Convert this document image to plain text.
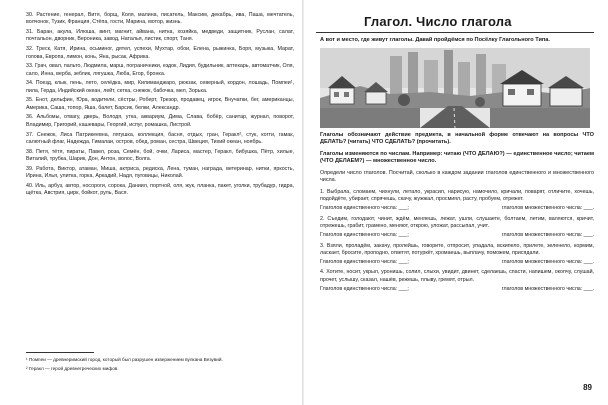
30. Растение, генерал, Витя, борщ, Коля, малина, писатель, Максим, декабрь, ива, Паша, мечтатель, волчонок, Тузик, Франция, Стёпа, гости, Марина, мотор, жизнь.

31. Баран, акула, Илюша, винт, магнит, айвана, нитка, хозяйка, медведи, защитник, Руслан, салат, почтальон, дворник, Вероника, завод, Наталья, листик, спорт, Таня.

32. Треск, Катя, Ирина, осьминог, дятел, успехи, Мухтар, обои, Елена, рыжинка, Боря, музыка, Марат, голова, Европа, лимон, конь, Яна, рысак, Африка.

33. Грач, овал, пальто, Людмила, марш, пограничники, ездок, Лидия, будильник, аптекарь, автоматчик, Оля, сало, Инна, верба, зеблик, лягушка, Люба, Егор, бронка.

34. Поезд, клык, пень, лето, селёдка, мир, Килиманджаро, рюкзак, северный, кордон, лошадь, Помпеи¹, пила, Герда, Индийский океан, лейт, сетка, снежок, бабочка, мел, Зорька.

35. Енот, дельфин, Юра, водители, сёстры, Роберт, Трезор, продавец, игрок, Внучатки, бег, американцы, Америка, Саша, топор, Яша, балет, Барсик, белки, Александр.

36. Альбомы, отвагу, дверь, Володя, утка, аквариум, Дима, Слава, бобёр, санитар, журнал, поворот, Владимир, Григорий, кашевары, Георгий, испуг, ромашка, Листрой.

37. Снежок, Лиса Патрикеевна, лягушка, коллекция, басня, отдых, гран, Геракл², стук, когти, гамак, салютный флаг, Надежда, Гималаи, остров, обед, роман, сестра, Швеция, Тихий океан, ноябрь.

38. Петя, тётя, пираты, Павел, роза, Семён, бой, очки, Лариса, мастер, Геракл, бибушка, Пётр, хилые, Виталий, трубка, Шарик, Дон, Антон, волос, Волга.

39. Работа, Виктор, атаман, Миша, актриса, редиска, Лена, туман, награда, ветеринар, нитки, яркость, Ирина, Илья, улитка, горка, Аркадий, Надя, пуговицы, Николай.

40. Иль, арбуз, автор, носороги, сорока, Даниил, портной, оля, жук, планка, пакет, уголки, трубадур, гидра, щётка, Австрия, цирк, бойкот, руль, Вася.

¹ Помпеи — древнеримский город, который был разрушен извержением вулкана Везувий.

² Геракл — герой древнегреческих мифов.

Глагол. Число глагола

А вот и место, где живут глаголы. Давай пройдёмся по Посёлку Глагольного Типа.

Глаголы обозначают действие предмета, в начальной форме отвечают на вопросы ЧТО ДЕЛАТЬ? (читать) ЧТО СДЕЛАТЬ? (прочитать).

Глаголы изменяются по числам. Например: читаю (ЧТО ДЕЛАЮ?) — единственное число; читаем (ЧТО ДЕЛАЕМ?) — множественное число.

Определи число глаголов. Посчитай, сколько в каждом задании глаголов единственного и множественного числа.

1. Выбрала, сломаем, чихнули, летало, украсил, нарисую, намочило, кричали, поварят, отличите, хочешь, подойдёте, убирает, спрячешь, скачу, жужжал, просмиял, расту, пробуем, отрежет.

Глаголов единственного числа: ___;	глаголов множественного числа: ___.

2. Съедим, голодают, чинит, ждём, меняешь, лежат, ушли, слушаете, болтаем, летим, валяются, кричит, отрежешь, грабит, грамено, меняют, открою, уложат, рассыпал, учит.

Глаголов единственного числа: ___;	глаголов множественного числа: ___.

3. Взяли, проладём, закачу, пролейшь, говорите, отпросит, упадала, вскипело, прилете, зеленело, кормим, ласкает, бросите, проподно, ответят, потуркёт, хромаешь, выплачу, поможем, присядали.

Глаголов единственного числа: ___;	глаголов множественного числа: ___.

4. Хотите, носит, укрыл, уронишь, солил, слыхи, увидит, двинет, сделаешь, спасти, напишем, окопчу, слушай, прочет, услышу, сказал, нашёв, режешь, плыву, гремят, отрыл.

Глаголов единственного числа: ___;	глаголов множественного числа: ___.
89
